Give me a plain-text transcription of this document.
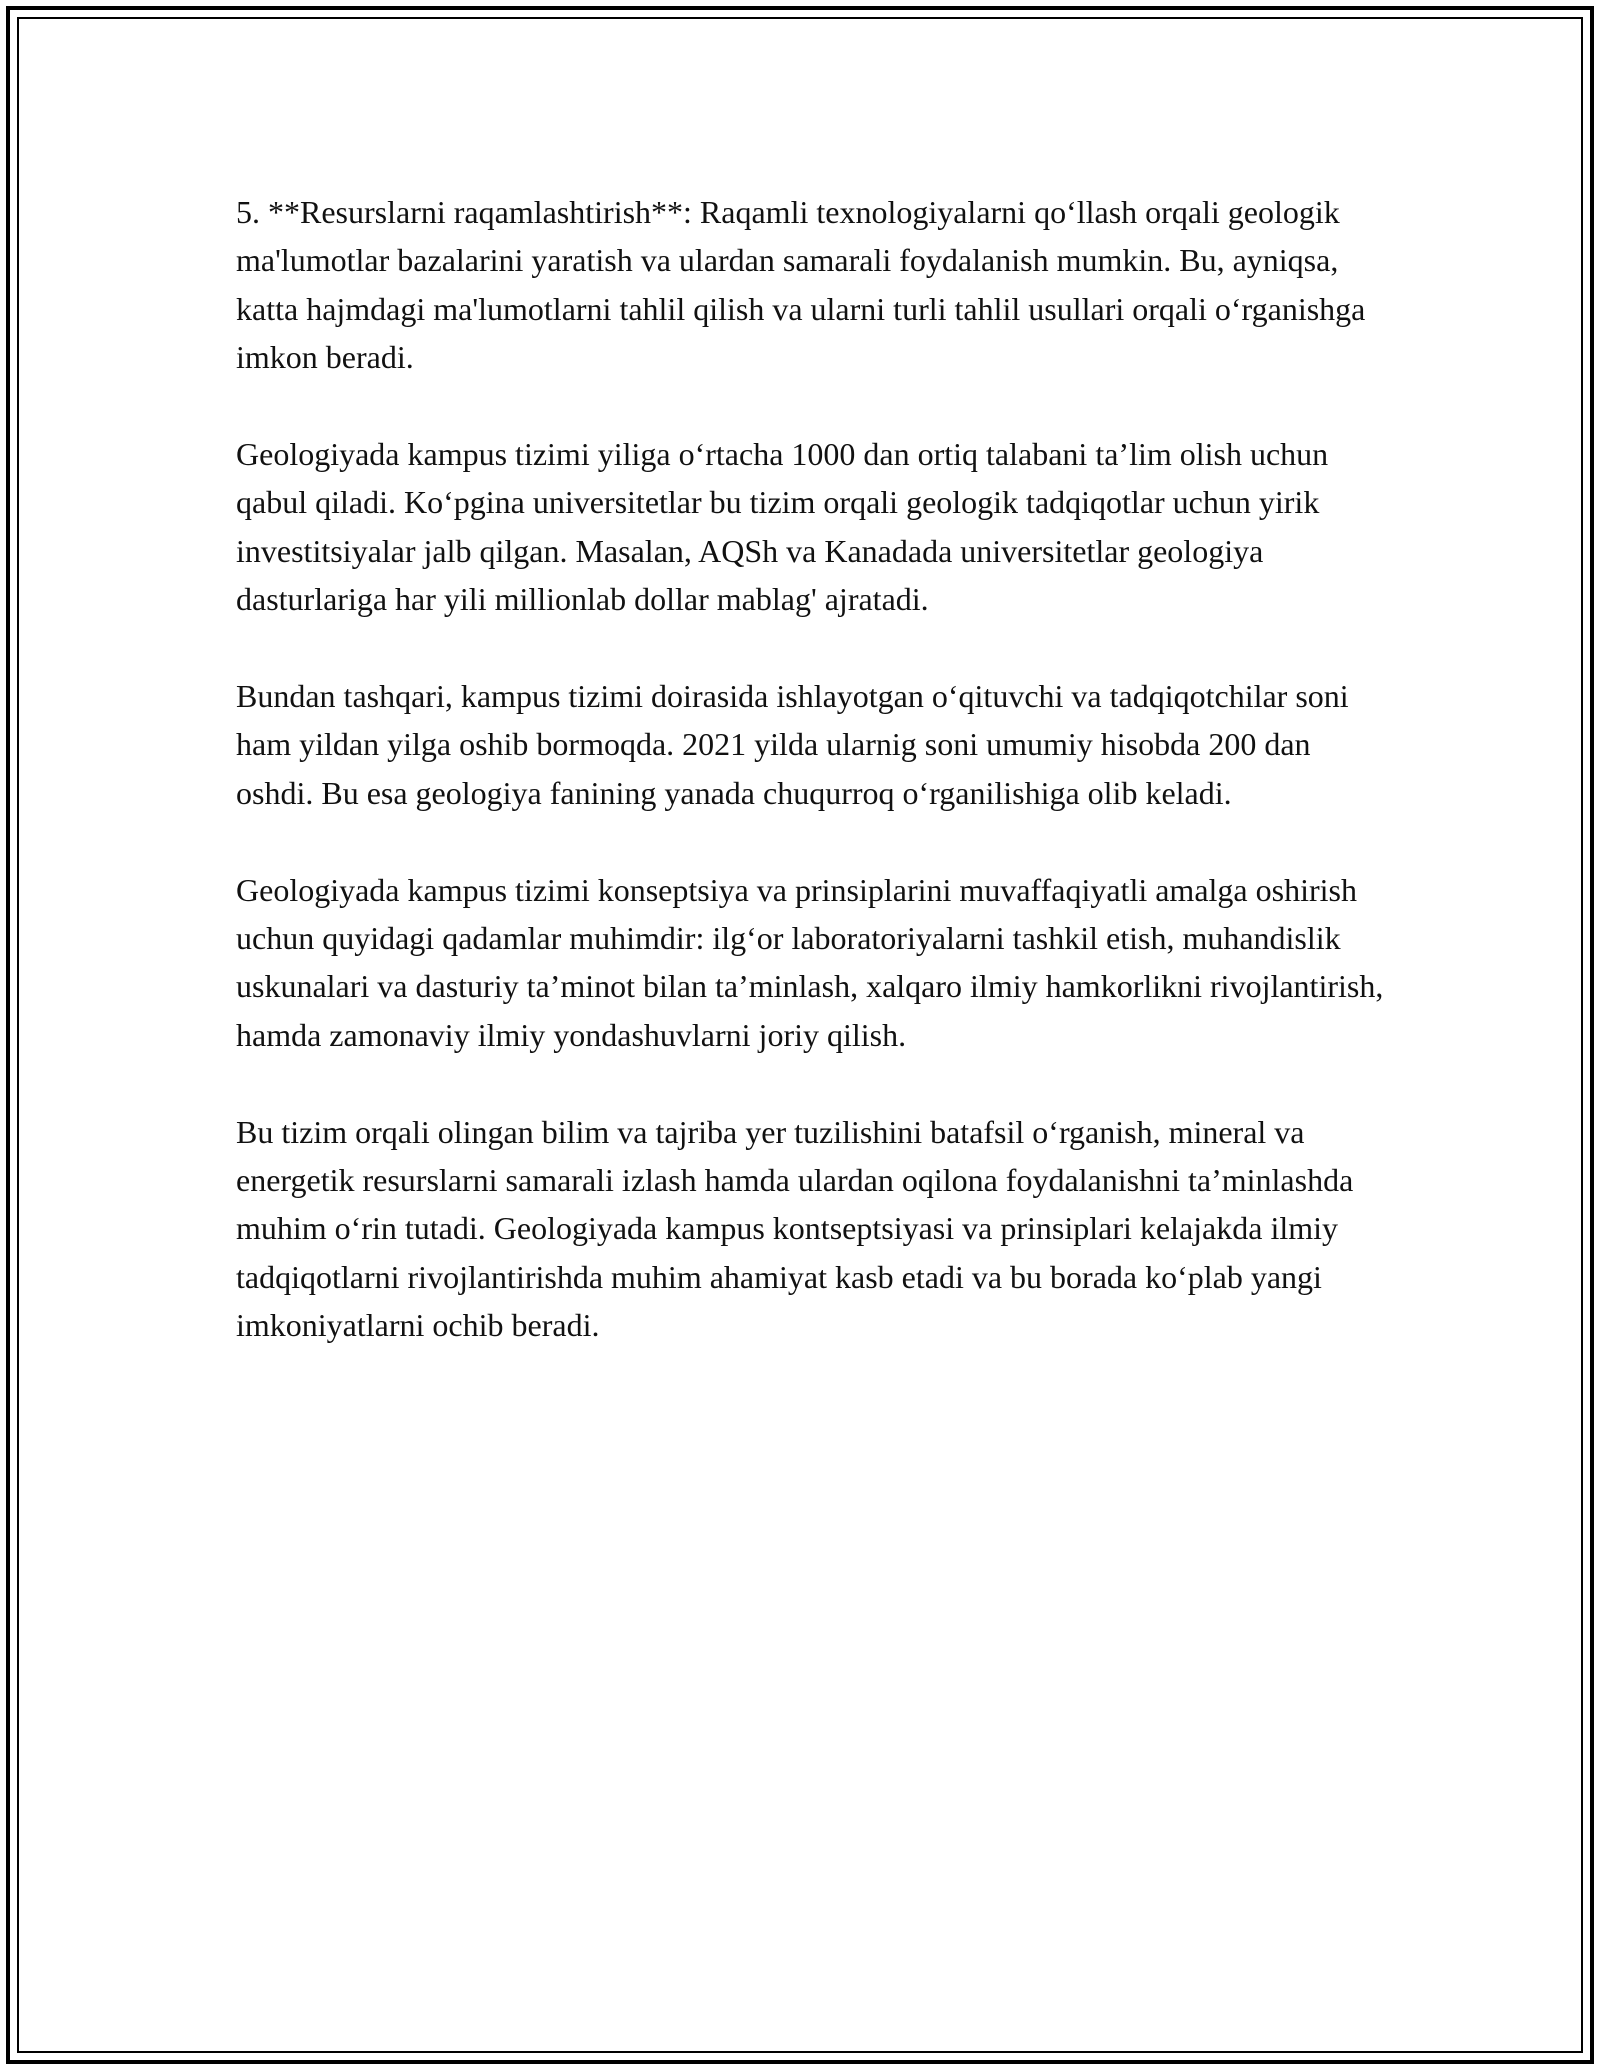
5. **Resurslarni raqamlashtirish**: Raqamli texnologiyalarni qo‘llash orqali geologik ma'lumotlar bazalarini yaratish va ulardan samarali foydalanish mumkin. Bu, ayniqsa, katta hajmdagi ma'lumotlarni tahlil qilish va ularni turli tahlil usullari orqali o‘rganishga imkon beradi.

Geologiyada kampus tizimi yiliga o‘rtacha 1000 dan ortiq talabani ta’lim olish uchun qabul qiladi. Ko‘pgina universitetlar bu tizim orqali geologik tadqiqotlar uchun yirik investitsiyalar jalb qilgan. Masalan, AQSh va Kanadada universitetlar geologiya dasturlariga har yili millionlab dollar mablag' ajratadi.

Bundan tashqari, kampus tizimi doirasida ishlayotgan o‘qituvchi va tadqiqotchilar soni ham yildan yilga oshib bormoqda. 2021 yilda ularnig soni umumiy hisobda 200 dan oshdi. Bu esa geologiya fanining yanada chuqurroq o‘rganilishiga olib keladi.

Geologiyada kampus tizimi konseptsiya va prinsiplarini muvaffaqiyatli amalga oshirish uchun quyidagi qadamlar muhimdir: ilg‘or laboratoriyalarni tashkil etish, muhandislik uskunalari va dasturiy ta’minot bilan ta’minlash, xalqaro ilmiy hamkorlikni rivojlantirish, hamda zamonaviy ilmiy yondashuvlarni joriy qilish.

Bu tizim orqali olingan bilim va tajriba yer tuzilishini batafsil o‘rganish, mineral va energetik resurslarni samarali izlash hamda ulardan oqilona foydalanishni ta’minlashda muhim o‘rin tutadi. Geologiyada kampus kontseptsiyasi va prinsiplari kelajakda ilmiy tadqiqotlarni rivojlantirishda muhim ahamiyat kasb etadi va bu borada ko‘plab yangi imkoniyatlarni ochib beradi.
